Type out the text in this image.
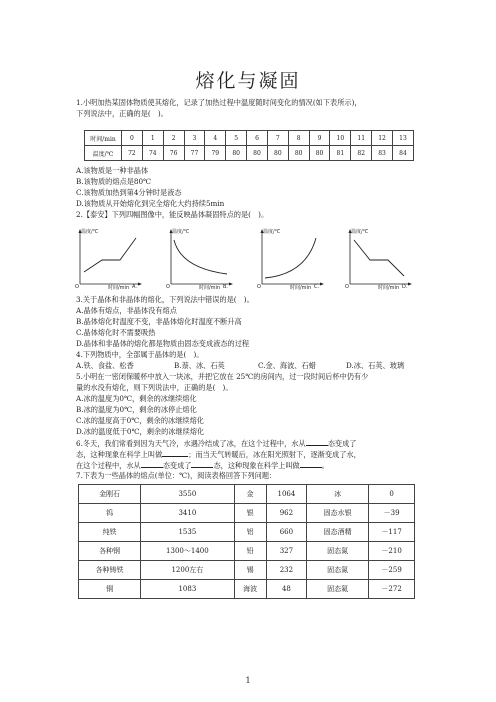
熔化与凝固
1.小明加热某固体物质使其熔化，记录了加热过程中温度随时间变化的情况(如下表所示)，
下列说法中，正确的是(　)。
时间/min	0	1	2	3	4	5	6	7	8	9	10	11	12	13
温度/℃	72	74	76	77	79	80	80	80	80	80	81	82	83	84
A.该物质是一种非晶体
B.该物质的熔点是80℃
C.该物质加热到第4分钟时是液态
D.该物质从开始熔化到完全熔化大约持续5min
2.【泰安】下列四幅图像中，能反映晶体凝固特点的是(　)。
温度/℃
O	时间/min A.
温度/℃
O	时间/min B.
温度/℃
O	时间/min C.
温度/℃
O	时间/min D.
3.关于晶体和非晶体的熔化，下列说法中错误的是(　)。
A.晶体有熔点，非晶体没有熔点
B.晶体熔化时温度不变，非晶体熔化时温度不断升高
C.晶体熔化时不需要吸热
D.晶体和非晶体的熔化都是物质由固态变成液态的过程
4.下列物质中，全部属于晶体的是(　)。
A.铁、食盐、松香	B.萘、冰、石英	C.金、海波、石蜡	D.冰、石英、玻璃
5.小明在一密闭保暖杯中放入一块冰，并把它放在 25℃的房间内，过一段时间后杯中仍有少
量的水没有熔化，则下列说法中，正确的是(　)。
A.冰的温度为0℃，剩余的冰继续熔化
B.冰的温度为0℃，剩余的冰停止熔化
C.冰的温度高于0℃，剩余的冰继续熔化
D.冰的温度低于0℃，剩余的冰继续熔化
6.冬天，我们常看到因为天气冷，水遇冷结成了冰，在这个过程中，水从	态变成了
态，这种现象在科学上叫做	；而当天气转暖后，冰在阳光照射下，逐渐变成了水，
在这个过程中，水从	态变成了	态，这种现象在科学上叫做	。
7.下表为一些晶体的熔点(单位：℃)，阅读表格回答下列问题：
金刚石	3550	金	1064	冰	0
钨	3410	银	962	固态水银	－39
纯铁	1535	铝	660	固态酒精	－117
各种钢	1300～1400	铅	327	固态氮	－210
各种铸铁	1200左右	锡	232	固态氮	－259
铜	1083	海波	48	固态氦	－272
1
